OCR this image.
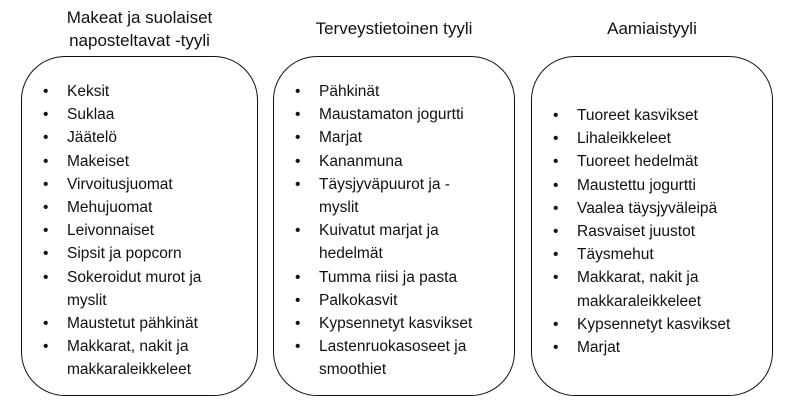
Makeat ja suolaiset
naposteltavat -tyyli
• Keksit
• Suklaa
• Jäätelö
• Makeiset
• Virvoitusjuomat
• Mehujuomat
• Leivonnaiset
• Sipsit ja popcorn
• Sokeroidut murot ja
myslit
• Maustetut pähkinät
• Makkarat, nakit ja
makkaraleikkeleet
Terveystietoinen tyyli
• Pähkinät
• Maustamaton jogurtti
• Marjat
• Kananmuna
• Täysjyväpuurot ja -
myslit
• Kuivatut marjat ja
hedelmät
• Tumma riisi ja pasta
• Palkokasvit
• Kypsennetyt kasvikset
• Lastenruokasoseet ja
smoothiet
Aamiaistyyli
• Tuoreet kasvikset
• Lihaleikkeleet
• Tuoreet hedelmät
• Maustettu jogurtti
• Vaalea täysjyväleipä
• Rasvaiset juustot
• Täysmehut
• Makkarat, nakit ja
makkaraleikkeleet
• Kypsennetyt kasvikset
• Marjat
